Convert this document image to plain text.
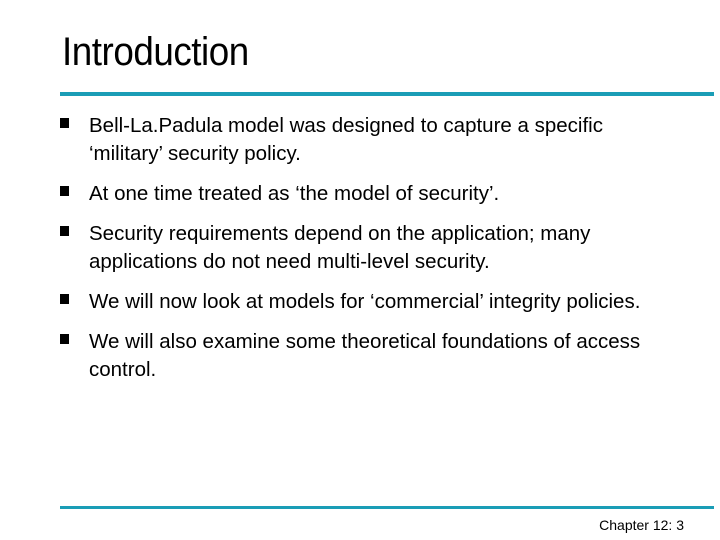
Introduction
Bell-La.Padula model was designed to capture a specific ‘military’ security policy.
At one time treated as ‘the model of security’.
Security requirements depend on the application; many applications do not need multi-level security.
We will now look at models for ‘commercial’ integrity policies.
We will also examine some theoretical foundations of access control.
Chapter 12: 3
